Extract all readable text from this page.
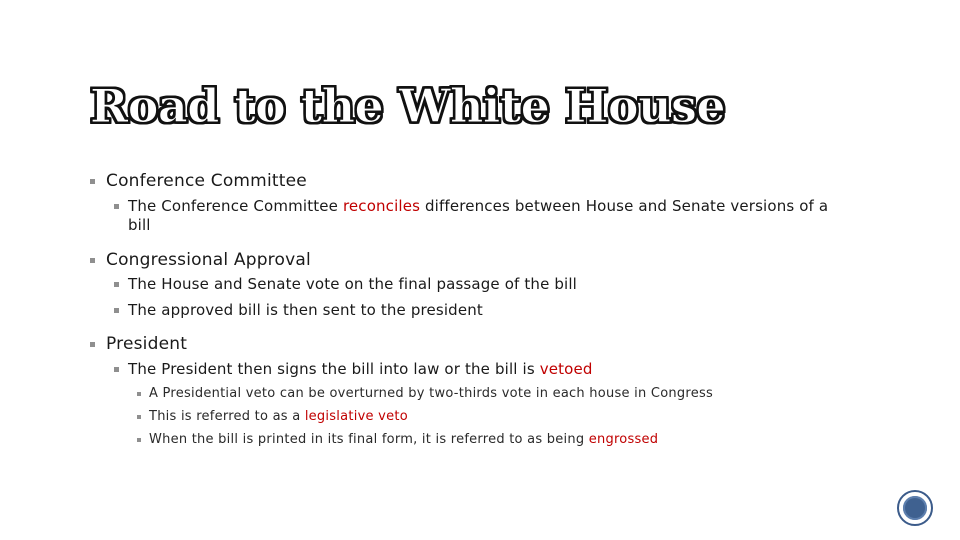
Road to the White House
Conference Committee
The Conference Committee reconciles differences between House and Senate versions of a
bill
Congressional Approval
The House and Senate vote on the final passage of the bill
The approved bill is then sent to the president
President
The President then signs the bill into law or the bill is vetoed
A Presidential veto can be overturned by two-thirds vote in each house in Congress
This is referred to as a legislative veto
When the bill is printed in its final form, it is referred to as being engrossed
